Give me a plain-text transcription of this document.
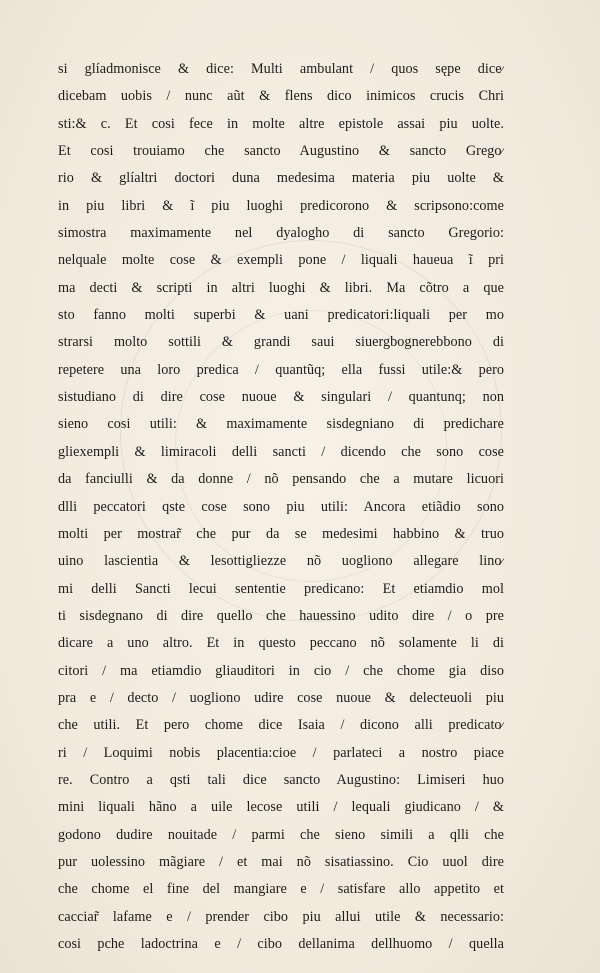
si glíadmonisce & dice: Multi ambulant / quos sępe dice⁄
dicebam uobis / nunc aũt & flens dico inimicos crucis Chri
sti:& c. Et cosi fece in molte altre epistole assai piu uolte.
Et cosi trouiamo che sancto Augustino & sancto Grego⁄
rio & glíaltri doctori duna medesima materia piu uolte &
in piu libri & ĩ piu luoghi predicorono & scripsono:come
simostra maximamente nel dyalogho di sancto Gregorio:
nelquale molte cose & exempli pone / liquali haueua ĩ pri
ma decti & scripti in altri luoghi & libri. Ma cõtro a que
sto fanno molti superbi & uani predicatori:liquali per mo
strarsi molto sottili & grandi saui siuergbognerebbono di
repetere una loro predica / quantũq; ella fussi utile:& pero
sistudiano di dire cose nuoue & singulari / quantunq; non
sieno cosi utili: & maximamente sisdegniano di predichare
gliexempli & limiracoli delli sancti / dicendo che sono cose
da fanciulli & da donne / nõ pensando che a mutare licuori
dlli peccatori qste cose sono piu utili: Ancora etiãdio sono
molti per mostrar̃ che pur da se medesimi habbino & truo
uino lascientia & lesottigliezze nõ uogliono allegare lino⁄
mi delli Sancti lecui sententie predicano: Et etiamdio mol
ti sisdegnano di dire quello che hauessino udito dire / o pre
dicare a uno altro. Et in questo peccano nõ solamente li di
citori / ma etiamdio gliauditori in cio / che chome gia diso
pra e / decto / uogliono udire cose nuoue & delecteuoli piu
che utili. Et pero chome dice Isaia / dicono alli predicato⁄
ri / Loquimi nobis placentia:cioe / parlateci a nostro piace
re. Contro a qsti tali dice sancto Augustino: Limiseri huo
mini liquali hãno a uile lecose utili / lequali giudicano / &
godono dudire nouitade / parmi che sieno simili a qlli che
pur uolessino mãgiare / et mai nõ sisatiassino. Cio uuol dire
che chome el fine del mangiare e / satisfare allo appetito et
cacciar̃ lafame e / prender cibo piu allui utile & necessario:
cosi pche ladoctrina e / cibo dellanima dellhuomo / quella
